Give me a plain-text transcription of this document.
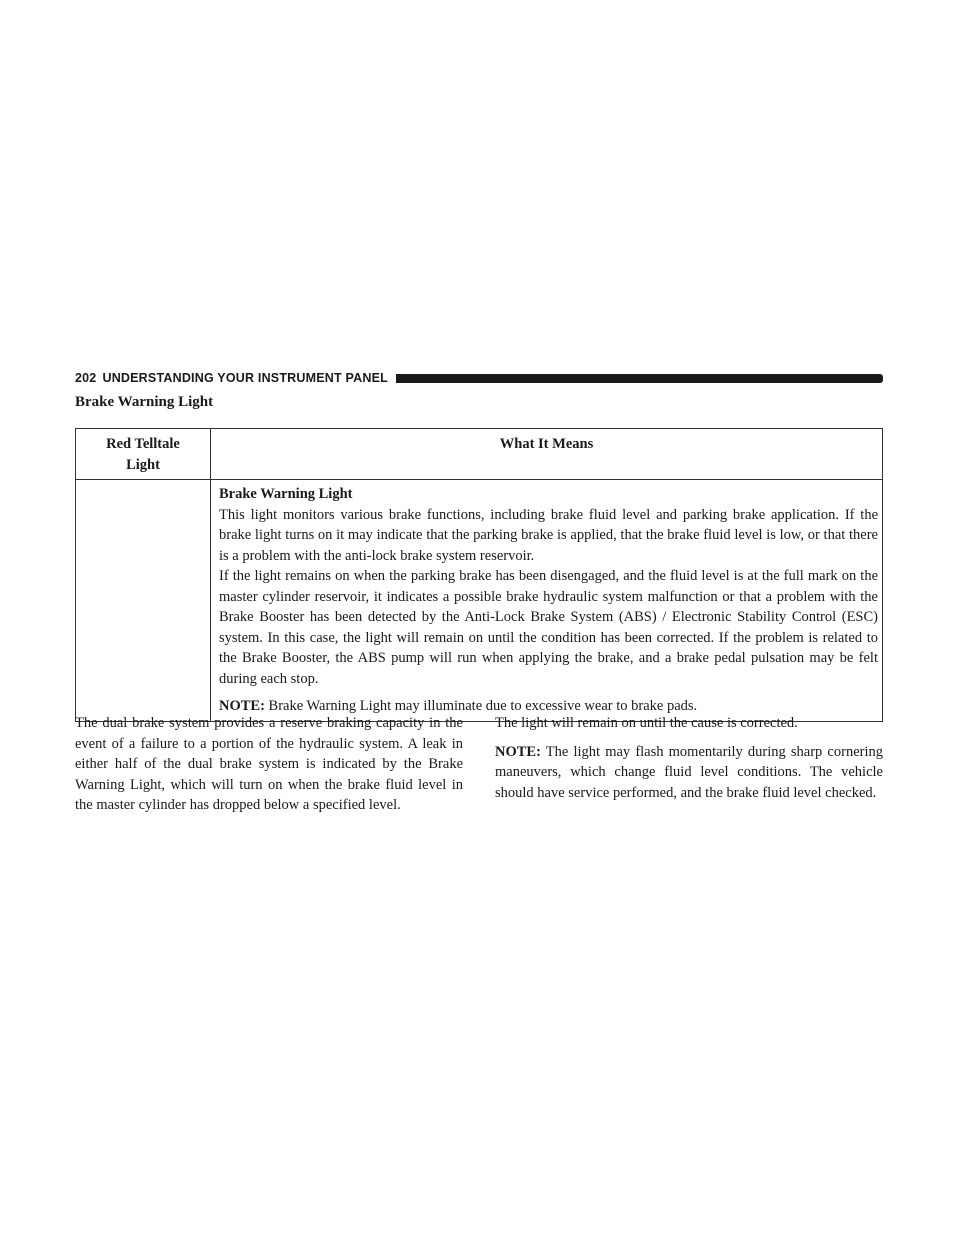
202 UNDERSTANDING YOUR INSTRUMENT PANEL
Brake Warning Light
Red Telltale
Light	What It Means

	Brake Warning Light
This light monitors various brake functions, including brake fluid level and parking brake application. If the brake light turns on it may indicate that the parking brake is applied, that the brake fluid level is low, or that there is a problem with the anti-lock brake system reservoir.
If the light remains on when the parking brake has been disengaged, and the fluid level is at the full mark on the master cylinder reservoir, it indicates a possible brake hydraulic system malfunction or that a problem with the Brake Booster has been detected by the Anti-Lock Brake System (ABS) / Electronic Stability Control (ESC) system. In this case, the light will remain on until the condition has been corrected. If the problem is related to the Brake Booster, the ABS pump will run when applying the brake, and a brake pedal pulsation may be felt during each stop.
NOTE: Brake Warning Light may illuminate due to excessive wear to brake pads.

The dual brake system provides a reserve braking capacity in the event of a failure to a portion of the hydraulic system. A leak in either half of the dual brake system is indicated by the Brake Warning Light, which will turn on when the brake fluid level in the master cylinder has dropped below a specified level.

The light will remain on until the cause is corrected.

NOTE: The light may flash momentarily during sharp cornering maneuvers, which change fluid level conditions. The vehicle should have service performed, and the brake fluid level checked.
